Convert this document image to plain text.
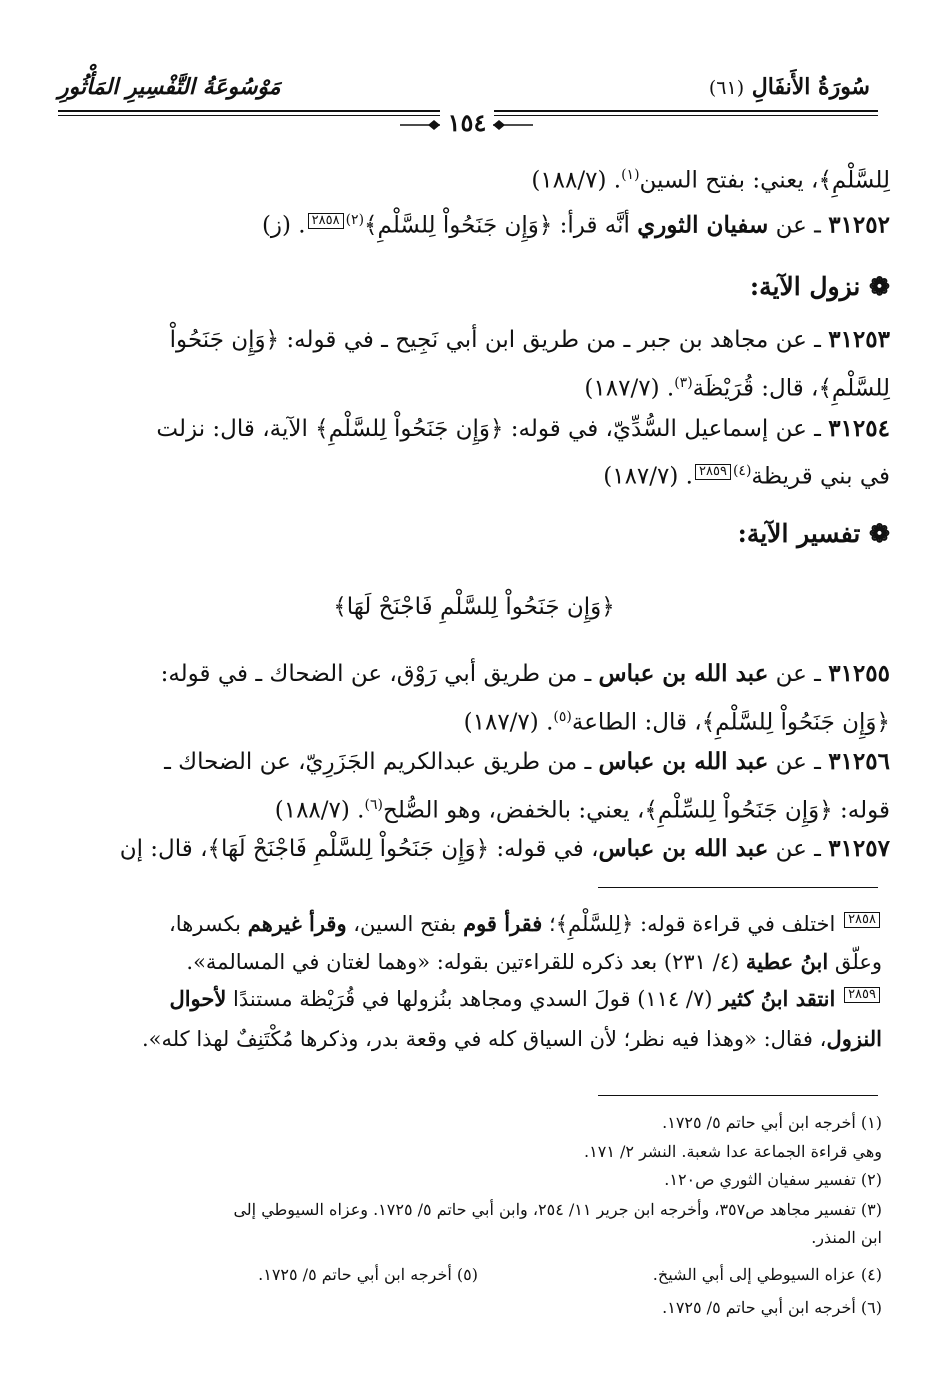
سُورَةُ الأَنفَالِ (٦١)
مَوْسُوعَةُ التَّفْسِيرِ المَأْثُورِ
١٥٤
لِلسَّلْمِ﴾، يعني: بفتح السين$^{(١)}$. (١٨٨/٧)
٣١٢٥٢ ـ عن سفيان الثوري أنَّه قرأ: ﴿وَإِن جَنَحُواْ لِلسَّلْمِ﴾$^{(٢)}$٢٨٥٨. (ز)
❁ نزول الآية:
٣١٢٥٣ ـ عن مجاهد بن جبر ـ من طريق ابن أبي نَجِيح ـ في قوله: ﴿وَإِن جَنَحُواْ
لِلسَّلْمِ﴾، قال: قُرَيْظَة$^{(٣)}$. (١٨٧/٧)
٣١٢٥٤ ـ عن إسماعيل السُّدِّيّ، في قوله: ﴿وَإِن جَنَحُواْ لِلسَّلْمِ﴾ الآية، قال: نزلت
في بني قريظة$^{(٤)}$٢٨٥٩. (١٨٧/٧)
❁ تفسير الآية:
﴿وَإِن جَنَحُواْ لِلسَّلْمِ فَاجْنَحْ لَهَا﴾
٣١٢٥٥ ـ عن عبد الله بن عباس ـ من طريق أبي رَوْق، عن الضحاك ـ في قوله:
﴿وَإِن جَنَحُواْ لِلسَّلْمِ﴾، قال: الطاعة$^{(٥)}$. (١٨٧/٧)
٣١٢٥٦ ـ عن عبد الله بن عباس ـ من طريق عبدالكريم الجَزَرِيّ، عن الضحاك ـ
قوله: ﴿وَإِن جَنَحُواْ لِلسِّلْمِ﴾، يعني: بالخفض، وهو الصُّلح$^{(٦)}$. (١٨٨/٧)
٣١٢٥٧ ـ عن عبد الله بن عباس، في قوله: ﴿وَإِن جَنَحُواْ لِلسَّلْمِ فَاجْنَحْ لَهَا﴾، قال: إن
٢٨٥٨ اختلف في قراءة قوله: ﴿لِلسَّلْمِ﴾؛ فقرأ قوم بفتح السين، وقرأ غيرهم بكسرها،
وعلّق ابنُ عطية (٤/ ٢٣١) بعد ذكره للقراءتين بقوله: «وهما لغتان في المسالمة».
٢٨٥٩ انتقد ابنُ كثير (٧/ ١١٤) قولَ السدي ومجاهد بنُزولها في قُرَيْظة مستندًا لأحوال
النزول، فقال: «وهذا فيه نظر؛ لأن السياق كله في وقعة بدر، وذكرها مُكْتَنِفٌ لهذا كله».
(١) أخرجه ابن أبي حاتم ٥/ ١٧٢٥.
وهي قراءة الجماعة عدا شعبة. النشر ٢/ ١٧١.
(٢) تفسير سفيان الثوري ص١٢٠.
(٣) تفسير مجاهد ص٣٥٧، وأخرجه ابن جرير ١١/ ٢٥٤، وابن أبي حاتم ٥/ ١٧٢٥. وعزاه السيوطي إلى
ابن المنذر.
(٤) عزاه السيوطي إلى أبي الشيخ.
(٥) أخرجه ابن أبي حاتم ٥/ ١٧٢٥.
(٦) أخرجه ابن أبي حاتم ٥/ ١٧٢٥.
